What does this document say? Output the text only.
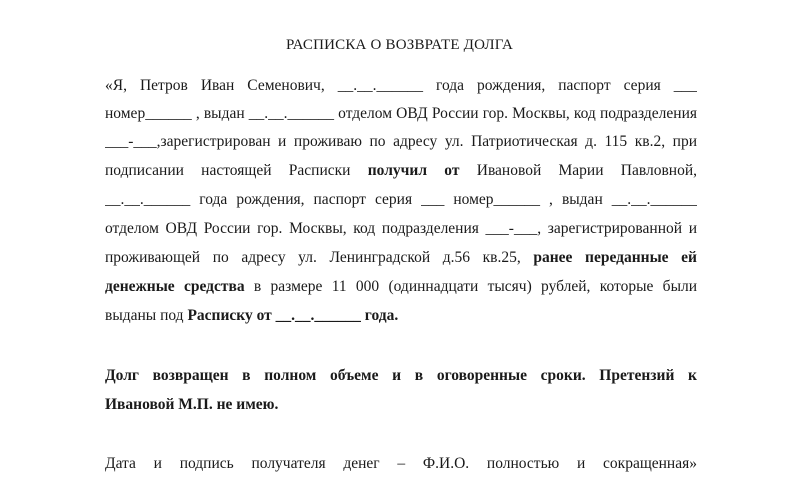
РАСПИСКА О ВОЗВРАТЕ ДОЛГА
«Я, Петров Иван Семенович, __.__.______ года рождения, паспорт серия ___
номер______ , выдан __.__.______ отделом ОВД России гор. Москвы, код подразделения
___-___,зарегистрирован и проживаю по адресу ул. Патриотическая д. 115 кв.2, при
подписании настоящей Расписки получил от Ивановой Марии Павловной,
__.__.______ года рождения, паспорт серия ___ номер______ , выдан __.__.______
отделом ОВД России гор. Москвы, код подразделения ___-___, зарегистрированной и
проживающей по адресу ул. Ленинградской д.56 кв.25, ранее переданные ей
денежные средства в размере 11 000 (одиннадцати тысяч) рублей, которые были
выданы под Расписку от __.__.______ года.
Долг возвращен в полном объеме и в оговоренные сроки. Претензий к
Ивановой М.П. не имею.
Дата и подпись получателя денег – Ф.И.О. полностью и сокращенная»
